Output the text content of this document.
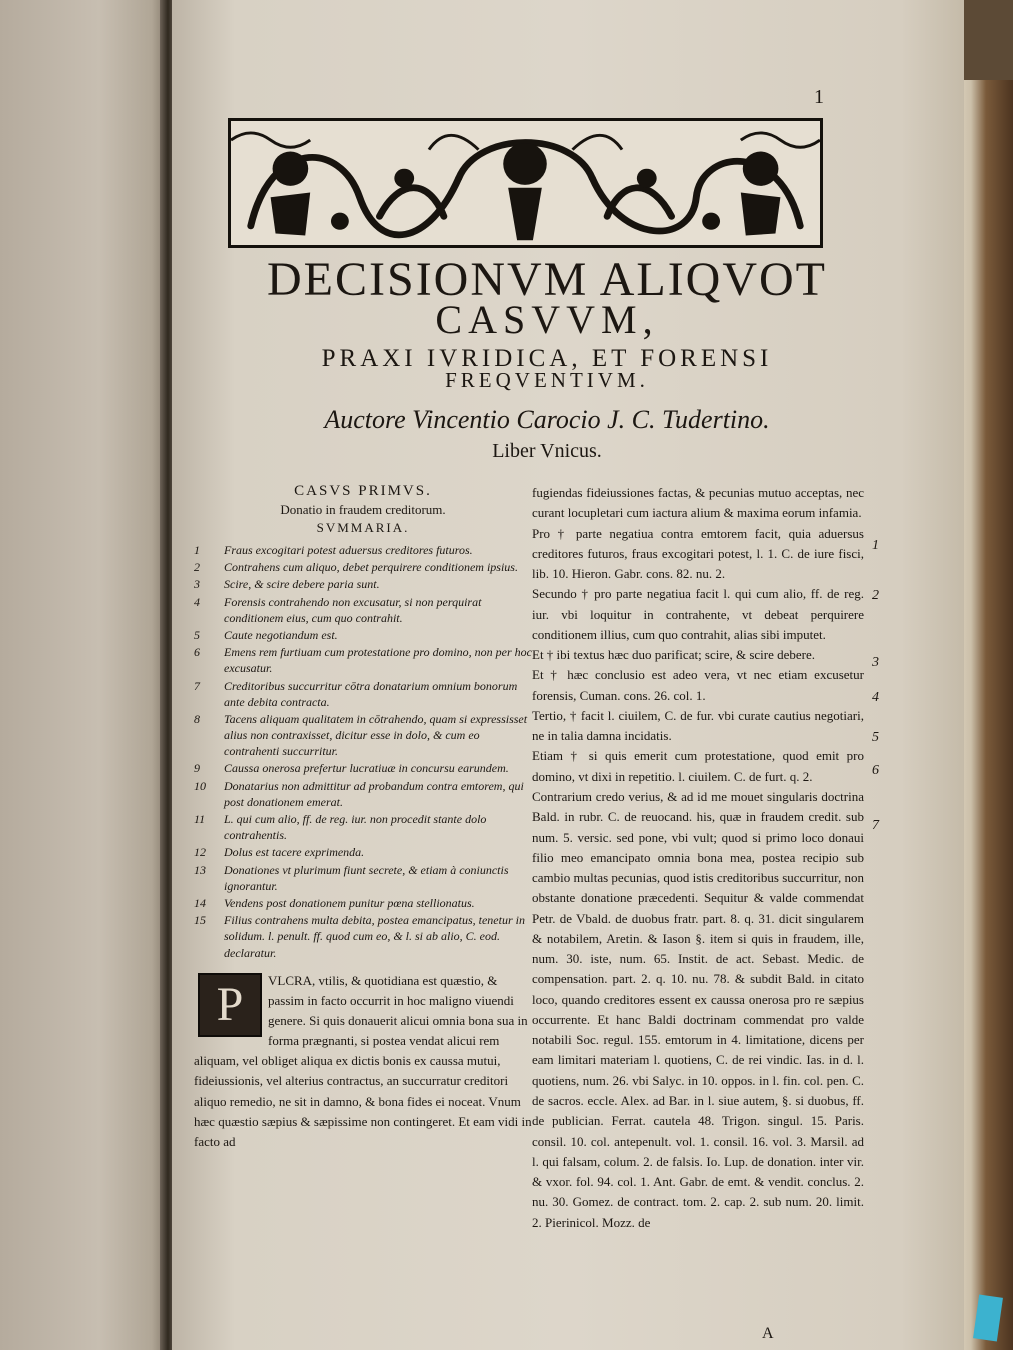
1
DECISIONVM ALIQVOT
CASVVM,
PRAXI IVRIDICA, ET FORENSI
FREQVENTIVM.
Auctore Vincentio Carocio J. C. Tudertino.
Liber Vnicus.
CASVS PRIMVS.
Donatio in fraudem creditorum.
SVMMARIA.
1	Fraus excogitari potest aduersus creditores futuros.
2	Contrahens cum aliquo, debet perquirere conditionem ipsius.
3	Scire, & scire debere paria sunt.
4	Forensis contrahendo non excusatur, si non perquirat conditionem eius, cum quo contrahit.
5	Caute negotiandum est.
6	Emens rem furtiuam cum protestatione pro domino, non per hoc excusatur.
7	Creditoribus succurritur cōtra donatarium omnium bonorum ante debita contracta.
8	Tacens aliquam qualitatem in cōtrahendo, quam si expressisset alius non contraxisset, dicitur esse in dolo, & cum eo contrahenti succurritur.
9	Caussa onerosa prefertur lucratiuæ in concursu earundem.
10	Donatarius non admittitur ad probandum contra emtorem, qui post donationem emerat.
11	L. qui cum alio, ff. de reg. iur. non procedit stante dolo contrahentis.
12	Dolus est tacere exprimenda.
13	Donationes vt plurimum fiunt secrete, & etiam à coniunctis ignorantur.
14	Vendens post donationem punitur pœna stellionatus.
15	Filius contrahens multa debita, postea emancipatus, tenetur in solidum. l. penult. ff. quod cum eo, & l. si ab alio, C. eod. declaratur.
P	VLCRA, vtilis, & quotidiana est quæstio, & passim in facto occurrit in hoc maligno viuendi genere. Si quis donauerit alicui omnia bona sua in forma prægnanti, si postea vendat alicui rem aliquam, vel obliget aliqua ex dictis bonis ex caussa mutui, fideiussionis, vel alterius contractus, an succurratur creditori aliquo remedio, ne sit in damno, & bona fides ei noceat. Vnum hæc quæstio sæpius & sæpissime non contingeret. Et eam vidi in facto ad

fugiendas fideiussiones factas, & pecunias mutuo acceptas, nec curant locupletari cum iactura alium & maxima eorum infamia.

Pro † parte negatiua contra emtorem facit, quia aduersus creditores futuros, fraus excogitari potest, l. 1. C. de iure fisci, lib. 10. Hieron. Gabr. cons. 82. nu. 2.

Secundo † pro parte negatiua facit l. qui cum alio, ff. de reg. iur. vbi loquitur in contrahente, vt debeat perquirere conditionem illius, cum quo contrahit, alias sibi imputet.

Et † ibi textus hæc duo parificat; scire, & scire debere.

Et † hæc conclusio est adeo vera, vt nec etiam excusetur forensis, Cuman. cons. 26. col. 1.

Tertio, † facit l. ciuilem, C. de fur. vbi curate cautius negotiari, ne in talia damna incidatis.

Etiam † si quis emerit cum protestatione, quod emit pro domino, vt dixi in repetitio. l. ciuilem. C. de furt. q. 2.

Contrarium credo verius, & ad id me mouet singularis doctrina Bald. in rubr. C. de reuocand. his, quæ in fraudem credit. sub num. 5. versic. sed pone, vbi vult; quod si primo loco donaui filio meo emancipato omnia bona mea, postea recipio sub cambio multas pecunias, quod istis creditoribus succurritur, non obstante donatione præcedenti. Sequitur & valde commendat Petr. de Vbald. de duobus fratr. part. 8. q. 31. dicit singularem & notabilem, Aretin. & Iason §. item si quis in fraudem, ille, num. 30. iste, num. 65. Instit. de act. Sebast. Medic. de compensation. part. 2. q. 10. nu. 78. & subdit Bald. in citato loco, quando creditores essent ex caussa onerosa pro re sæpius occurrente. Et hanc Baldi doctrinam commendat pro valde notabili Soc. regul. 155. emtorum in 4. limitatione, dicens per eam limitari materiam l. quotiens, C. de rei vindic. Ias. in d. l. quotiens, num. 26. vbi Salyc. in 10. oppos. in l. fin. col. pen. C. de sacros. eccle. Alex. ad Bar. in l. siue autem, §. si duobus, ff. de publician. Ferrat. cautela 48. Trigon. singul. 15. Paris. consil. 10. col. antepenult. vol. 1. consil. 16. vol. 3. Marsil. ad l. qui falsam, colum. 2. de falsis. Io. Lup. de donation. inter vir. & vxor. fol. 94. col. 1. Ant. Gabr. de emt. & vendit. conclus. 2. nu. 30. Gomez. de contract. tom. 2. cap. 2. sub num. 20. limit. 2. Pierinicol. Mozz. de

1
2
3
4
5
6
7
A
